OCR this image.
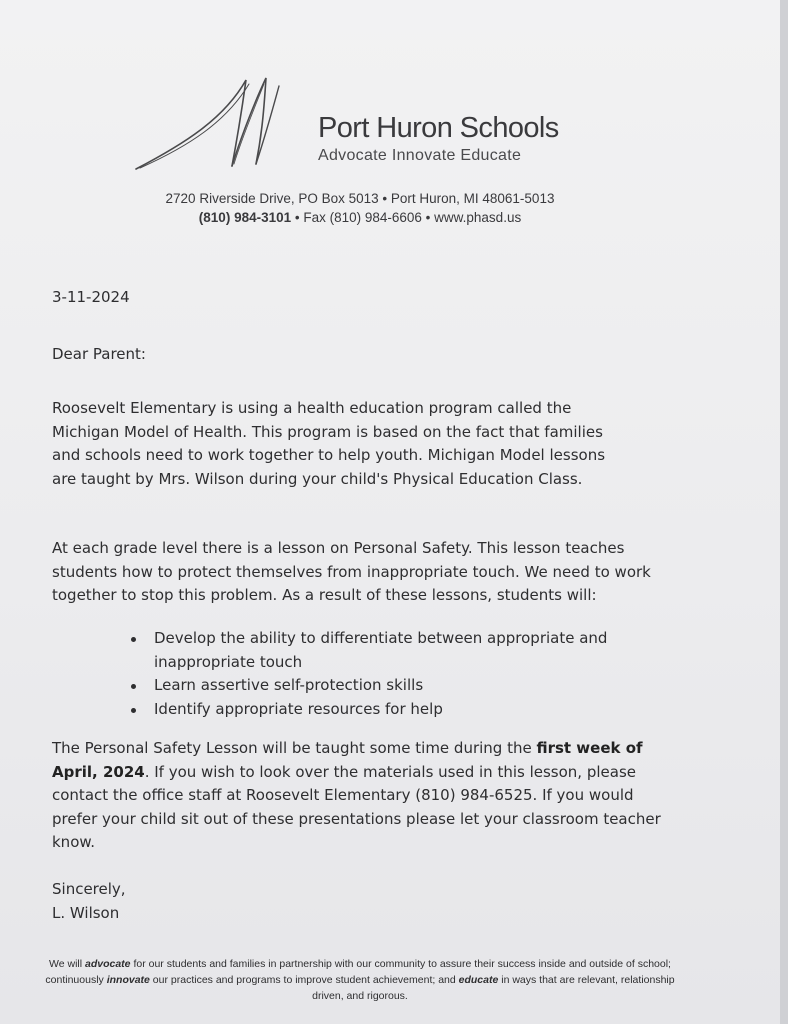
Port Huron Schools
Advocate Innovate Educate
2720 Riverside Drive, PO Box 5013 • Port Huron, MI 48061-5013
(810) 984-3101 • Fax (810) 984-6606 • www.phasd.us
3-11-2024
Dear Parent:
Roosevelt Elementary is using a health education program called the Michigan Model of Health. This program is based on the fact that families and schools need to work together to help youth. Michigan Model lessons are taught by Mrs. Wilson during your child's Physical Education Class.
At each grade level there is a lesson on Personal Safety. This lesson teaches students how to protect themselves from inappropriate touch. We need to work together to stop this problem. As a result of these lessons, students will:
Develop the ability to differentiate between appropriate and inappropriate touch
Learn assertive self-protection skills
Identify appropriate resources for help
The Personal Safety Lesson will be taught some time during the first week of April, 2024. If you wish to look over the materials used in this lesson, please contact the office staff at Roosevelt Elementary (810) 984-6525. If you would prefer your child sit out of these presentations please let your classroom teacher know.
Sincerely,
L. Wilson
We will advocate for our students and families in partnership with our community to assure their success inside and outside of school; continuously innovate our practices and programs to improve student achievement; and educate in ways that are relevant, relationship driven, and rigorous.
